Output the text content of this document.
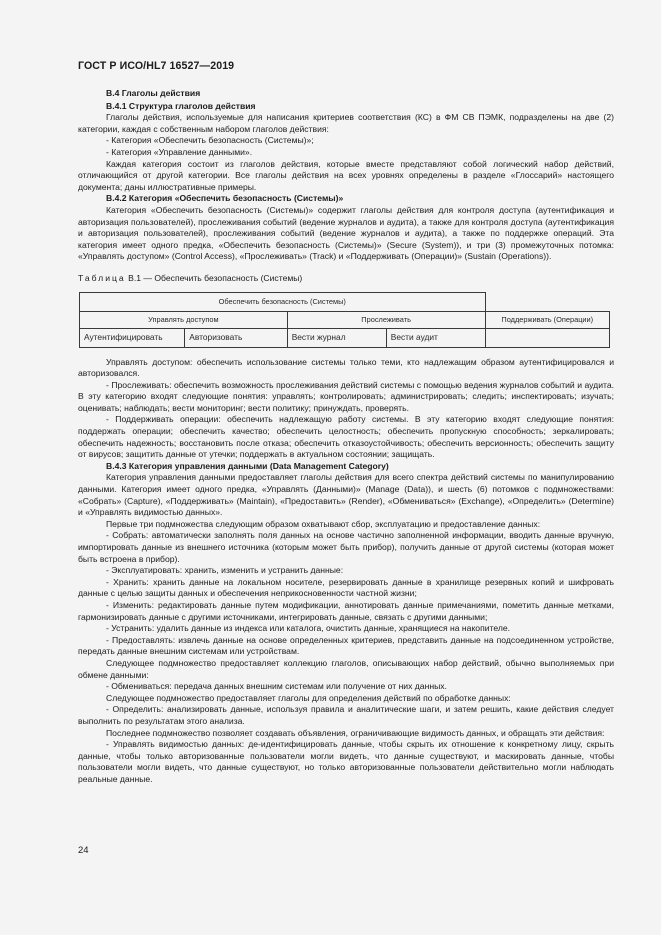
ГОСТ Р ИСО/HL7 16527—2019

В.4 Глаголы действия

В.4.1 Структура глаголов действия

Глаголы действия, используемые для написания критериев соответствия (КС) в ФМ СВ ПЭМК, подразделены на две (2) категории, каждая с собственным набором глаголов действия:

- Категория «Обеспечить безопасность (Системы)»;

- Категория «Управление данными».

Каждая категория состоит из глаголов действия, которые вместе представляют собой логический набор действий, отличающийся от другой категории. Все глаголы действия на всех уровнях определены в разделе «Глоссарий» настоящего документа; даны иллюстративные примеры.

В.4.2 Категория «Обеспечить безопасность (Системы)»

Категория «Обеспечить безопасность (Системы)» содержит глаголы действия для контроля доступа (аутентификация и авторизация пользователей), прослеживания событий (ведение журналов и аудита), а также для контроля доступа (аутентификация и авторизация пользователей), прослеживания событий (ведение журналов и аудита), а также по поддержке операций. Эта категория имеет одного предка, «Обеспечить безопасность (Системы)» (Secure (System)), и три (3) промежуточных потомка: «Управлять доступом» (Control Access), «Прослеживать» (Track) и «Поддерживать (Операции)» (Sustain (Operations)).

Таблица В.1 — Обеспечить безопасность (Системы)

Обеспечить безопасность (Системы)				
Управлять доступом		Прослеживать		Поддерживать (Операции)
Аутентифицировать	Авторизовать	Вести журнал	Вести аудит	

Управлять доступом: обеспечить использование системы только теми, кто надлежащим образом аутентифицировался и авторизовался.

- Прослеживать: обеспечить возможность прослеживания действий системы с помощью ведения журналов событий и аудита. В эту категорию входят следующие понятия: управлять; контролировать; администрировать; следить; инспектировать; изучать; оценивать; наблюдать; вести мониторинг; вести политику; принуждать, проверять.

- Поддерживать операции: обеспечить надлежащую работу системы. В эту категорию входят следующие понятия: поддержать операции; обеспечить качество; обеспечить целостность; обеспечить пропускную способность; зеркалировать; обеспечить надежность; восстановить после отказа; обеспечить отказоустойчивость; обеспечить версионность; обеспечить защиту от вирусов; защитить данные от утечки; поддержать в актуальном состоянии; защищать.

В.4.3 Категория управления данными (Data Management Category)

Категория управления данными предоставляет глаголы действия для всего спектра действий системы по манипулированию данными. Категория имеет одного предка, «Управлять (Данными)» (Manage (Data)), и шесть (6) потомков с подмножествами: «Собрать» (Capture), «Поддерживать» (Maintain), «Предоставить» (Render), «Обмениваться» (Exchange), «Определить» (Determine) и «Управлять видимостью данных».

Первые три подмножества следующим образом охватывают сбор, эксплуатацию и предоставление данных:

- Собрать: автоматически заполнять поля данных на основе частично заполненной информации, вводить данные вручную, импортировать данные из внешнего источника (которым может быть прибор), получить данные от другой системы (которая может быть встроена в прибор).

- Эксплуатировать: хранить, изменить и устранить данные:

- Хранить: хранить данные на локальном носителе, резервировать данные в хранилище резервных копий и шифровать данные с целью защиты данных и обеспечения неприкосновенности частной жизни;

- Изменить: редактировать данные путем модификации, аннотировать данные примечаниями, пометить данные метками, гармонизировать данные с другими источниками, интегрировать данные, связать с другими данными;

- Устранить: удалить данные из индекса или каталога, очистить данные, хранящиеся на накопителе.

- Предоставлять: извлечь данные на основе определенных критериев, представить данные на подсоединенном устройстве, передать данные внешним системам или устройствам.

Следующее подмножество предоставляет коллекцию глаголов, описывающих набор действий, обычно выполняемых при обмене данными:

- Обмениваться: передача данных внешним системам или получение от них данных.

Следующее подмножество предоставляет глаголы для определения действий по обработке данных:

- Определить: анализировать данные, используя правила и аналитические шаги, и затем решить, какие действия следует выполнить по результатам этого анализа.

Последнее подмножество позволяет создавать объявления, ограничивающие видимость данных, и обращать эти действия:

- Управлять видимостью данных: де-идентифицировать данные, чтобы скрыть их отношение к конкретному лицу, скрыть данные, чтобы только авторизованные пользователи могли видеть, что данные существуют, и маскировать данные, чтобы пользователи могли видеть, что данные существуют, но только авторизованные пользователи действительно могли наблюдать реальные данные.

24
